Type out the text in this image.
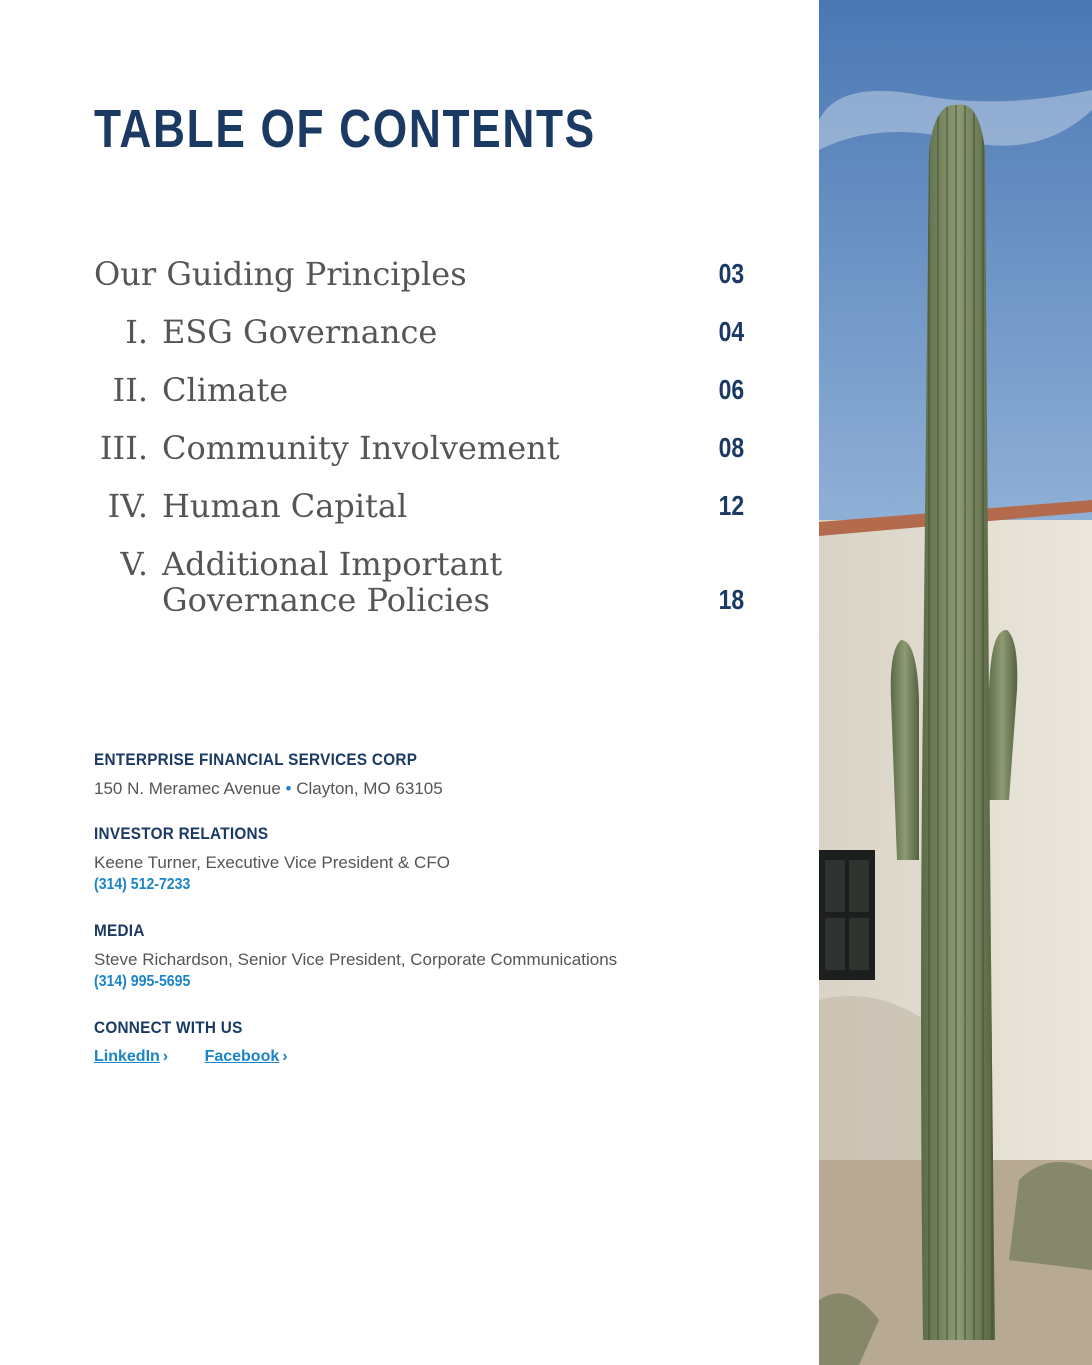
TABLE OF CONTENTS
Our Guiding Principles	03
I. ESG Governance	04
II. Climate	06
III. Community Involvement	08
IV. Human Capital	12
V. Additional Important
Governance Policies	18
ENTERPRISE FINANCIAL SERVICES CORP
150 N. Meramec Avenue • Clayton, MO 63105
INVESTOR RELATIONS
Keene Turner, Executive Vice President & CFO
(314) 512-7233
MEDIA
Steve Richardson, Senior Vice President, Corporate Communications
(314) 995-5695
CONNECT WITH US
LinkedIn › Facebook ›
